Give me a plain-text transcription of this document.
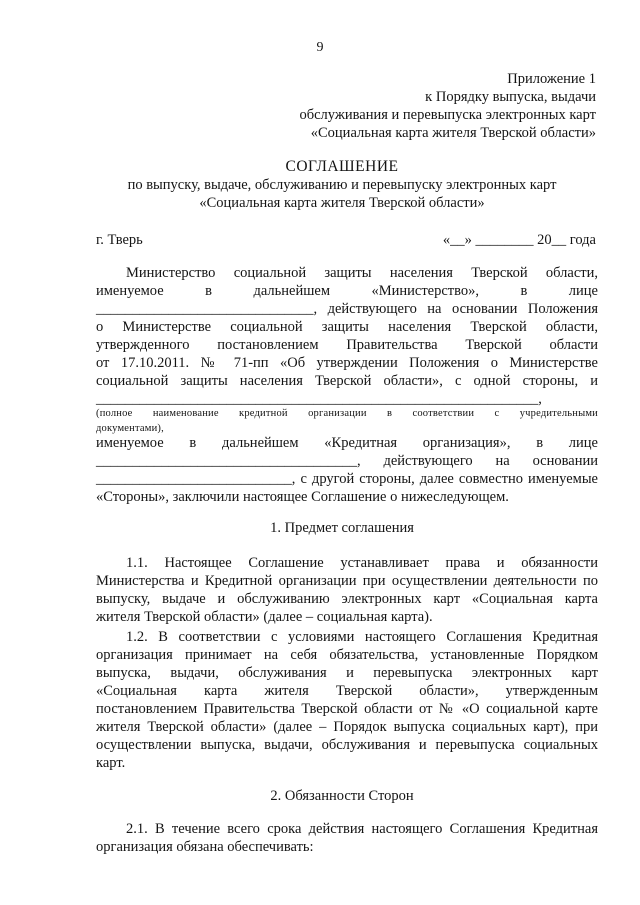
9
Приложение 1
к Порядку выпуска, выдачи
обслуживания и перевыпуска электронных карт
«Социальная карта жителя Тверской области»
СОГЛАШЕНИЕ
по выпуску, выдаче, обслуживанию и перевыпуску электронных карт
«Социальная карта жителя Тверской области»
г. Тверь	«__» ________ 20__ года
Министерство социальной защиты населения Тверской области,
именуемое в дальнейшем «Министерство», в лице
______________________________, действующего на основании Положения
о Министерстве социальной защиты населения Тверской области,
утвержденного постановлением Правительства Тверской области
от 17.10.2011. № 71-пп «Об утверждении Положения о Министерстве
социальной защиты населения Тверской области», с одной стороны, и
_____________________________________________________________,
(полное наименование кредитной организации в соответствии с учредительными
документами),
именуемое в дальнейшем «Кредитная организация», в лице
____________________________________, действующего на основании
___________________________, с другой стороны, далее совместно именуемые
«Стороны», заключили настоящее Соглашение о нижеследующем.
1. Предмет соглашения
1.1. Настоящее Соглашение устанавливает права и обязанности
Министерства и Кредитной организации при осуществлении деятельности по
выпуску, выдаче и обслуживанию электронных карт «Социальная карта
жителя Тверской области» (далее – социальная карта).
1.2. В соответствии с условиями настоящего Соглашения Кредитная
организация принимает на себя обязательства, установленные Порядком
выпуска, выдачи, обслуживания и перевыпуска электронных карт
«Социальная карта жителя Тверской области», утвержденным
постановлением Правительства Тверской области от № «О социальной карте
жителя Тверской области» (далее – Порядок выпуска социальных карт), при
осуществлении выпуска, выдачи, обслуживания и перевыпуска социальных
карт.
2. Обязанности Сторон
2.1. В течение всего срока действия настоящего Соглашения Кредитная
организация обязана обеспечивать:
